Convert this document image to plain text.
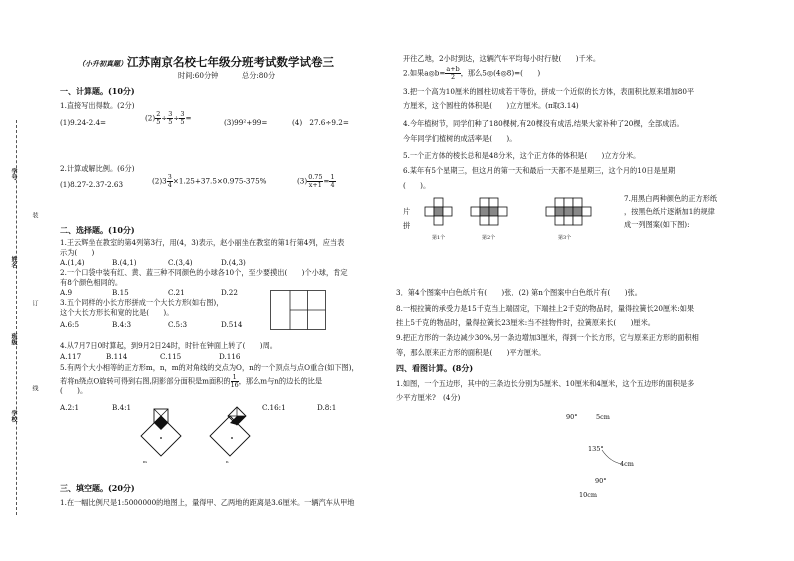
学号
姓名
班级
学校
装
订
线
（小升初真题）江苏南京名校七年级分班考试数学试卷三
时间:60分钟	总分:80分
一、计算题。(10分)
1.直接写出得数。(2分)
(1)9.24-2.4=	$(2) \frac{2}{5} \div \frac{3}{5} \div \frac{3}{5}$ =	(3)99²+99=	(4)　27.6÷9.2=
2.计算或解比例。(6分)
(1)8.27-2.37-2.63	$(2)3 \frac{3}{4} \times 1.25+37.5\times 0.975-375\%$	$(3) \frac{0.75}{x+1} = \frac{1}{4}$
二、选择题。(10分)
1.王云辉坐在教室的第4列第3行，用(4，3)表示，赵小丽坐在教室的第1行第4列，应当表
示为(　　)
A.(1,4)	B.(4,1)	C.(3,4)	D.(4,3)
2.一个口袋中装有红、黄、蓝三种不同颜色的小球各10个，至少要摸出(　　)个小球，肯定
有8个颜色相同的。
A.9	B.15	C.21	D.22
3.五个同样的小长方形拼成一个大长方形(如右图)，
这个大长方形长和宽的比是(　　)。
A.6:5	B.4:3	C.5:3	D.514
4.从7月7日0时算起，到9月2日24时，时针在钟面上转了(　　)周。
A.117	B.114	C.115	D.116
5.有两个大小相等的正方形m，n，m的对角线的交点为O，n的一个顶点与点O重合(如下图)，
若将n绕点O旋转可得到右图,阴影部分面积是m面积的 $\frac{1}{16}$ ，那么m与n的边长的比是
(　　)。
A.2:1	B.4:1	C.16:1	D.8:1
m	n
三、填空题。(20分)
1.在一幅比例尺是1:5000000的地图上，量得甲、乙两地的距离是3.6厘米。一辆汽车从甲地
开往乙地，2小时到达，这辆汽车平均每小时行驶(　　)千米。
2.如果a◎b= $\frac{a+b}{2}$ ，那么5◎(4◎8)=(　　)
3.把一个高为10厘米的圆柱切成若干等份，拼成一个近似的长方体，表面积比原来增加80平
方厘米，这个圆柱的体积是(　　)立方厘米。(π取3.14)
4.今年植树节，同学们种了180棵树,有20棵没有成活,结果大家补种了20棵，全部成活。
今年同学们植树的成活率是(　　)。
5.一个正方体的棱长总和是48分米，这个正方体的体积是(　　)立方分米。
6.某年有5个星期三，但这月的第一天和最后一天都不是星期三，这个月的10日是星期
(　　)。
片
拼
第1个	第2个	第3个
7.用黑白两种颜色的正方形纸
，按黑色纸片逐渐加1的规律
成一列图案(如下图):
3．第4个图案中白色纸片有(　　)张．(2) 第n个图案中白色纸片有(　　)张。
8.一根拉簧的承受力是15千克当上端固定，下端挂上2千克的物品时，量得拉簧长20厘米:如果
挂上5千克的物品时，量得拉簧长23厘米:当不挂物件时，拉簧原来长(　　)厘米。
9.把正方形的一条边减少30%,另一条边增加3厘米，得到一个长方形，它与原来正方形的面积相
等，那么原来正方形的面积是(　　)平方厘米。
四、看图计算。(8分)
1.如图，一个五边形，其中的三条边长分别为5厘米、10厘米和4厘米，这个五边形的面积是多
少平方厘米?　(4分)
90°	5cm
135°
4cm
90°
10cm
